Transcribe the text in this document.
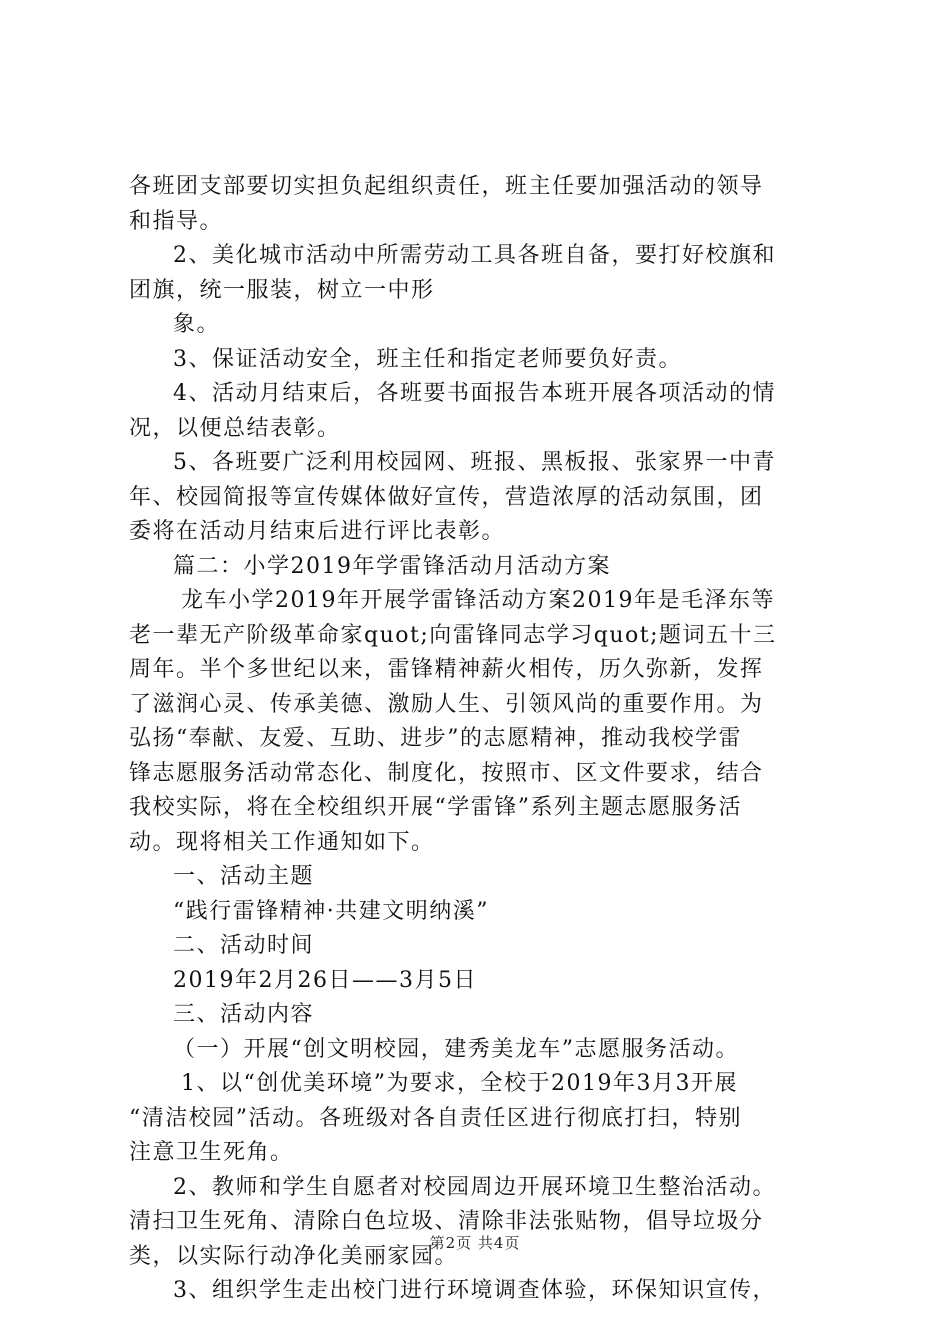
各班团支部要切实担负起组织责任，班主任要加强活动的领导
和指导。
2、美化城市活动中所需劳动工具各班自备，要打好校旗和
团旗，统一服装，树立一中形
象。
3、保证活动安全，班主任和指定老师要负好责。
4、活动月结束后，各班要书面报告本班开展各项活动的情
况，以便总结表彰。
5、各班要广泛利用校园网、班报、黑板报、张家界一中青
年、校园简报等宣传媒体做好宣传，营造浓厚的活动氛围，团
委将在活动月结束后进行评比表彰。
篇二：小学2019年学雷锋活动月活动方案
龙车小学2019年开展学雷锋活动方案2019年是毛泽东等
老一辈无产阶级革命家quot;向雷锋同志学习quot;题词五十三
周年。半个多世纪以来，雷锋精神薪火相传，历久弥新，发挥
了滋润心灵、传承美德、激励人生、引领风尚的重要作用。为
弘扬“奉献、友爱、互助、进步”的志愿精神，推动我校学雷
锋志愿服务活动常态化、制度化，按照市、区文件要求，结合
我校实际，将在全校组织开展“学雷锋”系列主题志愿服务活
动。现将相关工作通知如下。
一、活动主题
“践行雷锋精神·共建文明纳溪”
二、活动时间
2019年2月26日——3月5日
三、活动内容
（一）开展“创文明校园，建秀美龙车”志愿服务活动。
1、以“创优美环境”为要求，全校于2019年3月3开展
“清洁校园”活动。各班级对各自责任区进行彻底打扫，特别
注意卫生死角。
2、教师和学生自愿者对校园周边开展环境卫生整治活动。
清扫卫生死角、清除白色垃圾、清除非法张贴物，倡导垃圾分
类，以实际行动净化美丽家园。
3、组织学生走出校门进行环境调查体验，环保知识宣传，
第2页 共4页
